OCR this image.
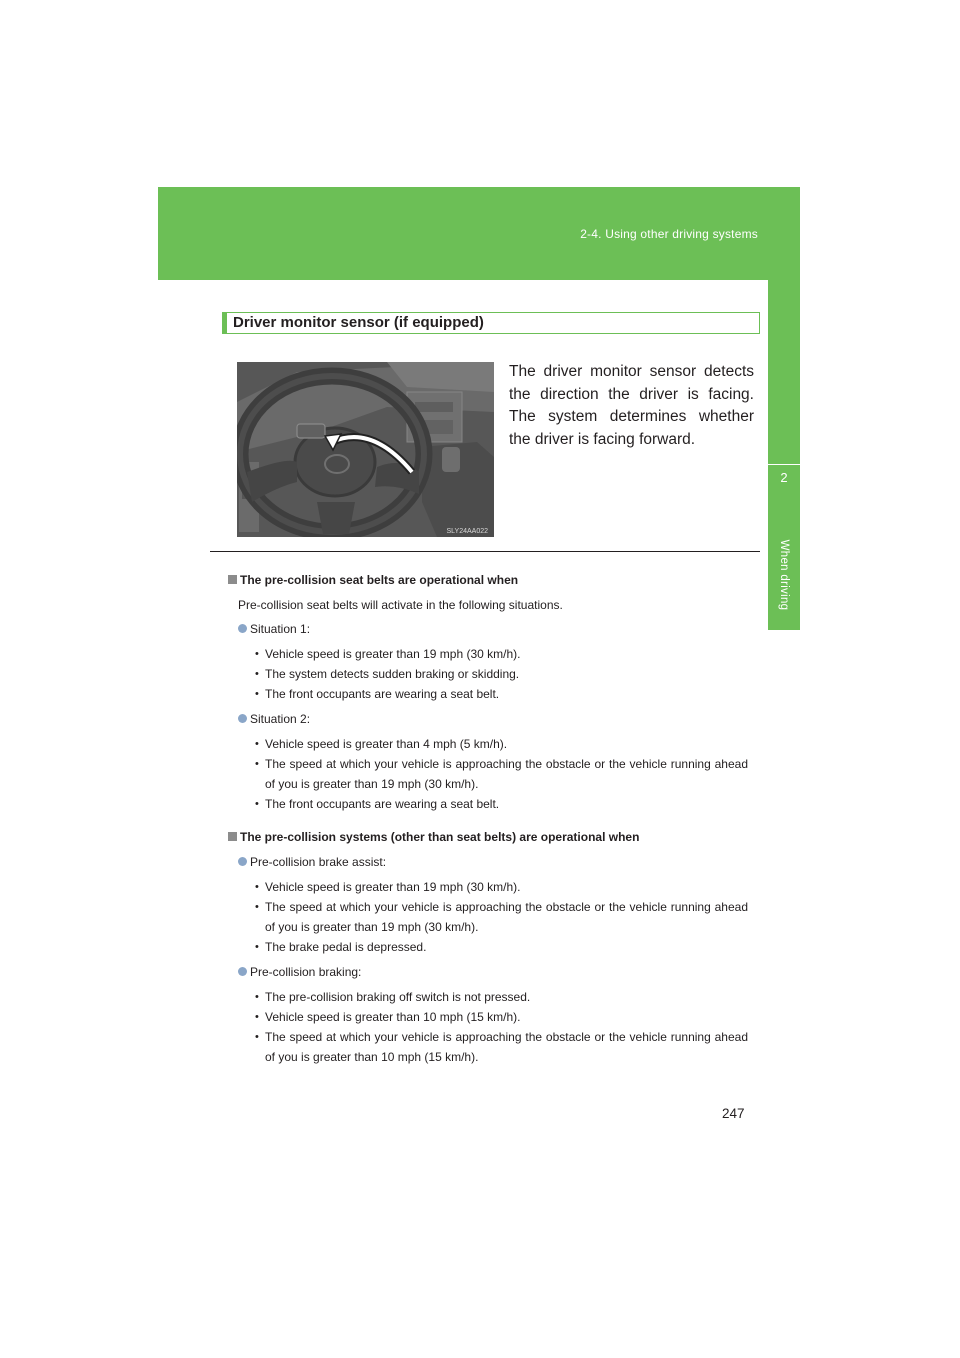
2-4. Using other driving systems
2
When driving
Driver monitor sensor (if equipped)
SLY24AA022
The driver monitor sensor detects the direction the driver is facing. The system determines whether the driver is facing forward.
The pre-collision seat belts are operational when
Pre-collision seat belts will activate in the following situations.
Situation 1:
• Vehicle speed is greater than 19 mph (30 km/h).
• The system detects sudden braking or skidding.
• The front occupants are wearing a seat belt.
Situation 2:
• Vehicle speed is greater than 4 mph (5 km/h).
• The speed at which your vehicle is approaching the obstacle or the vehicle running ahead of you is greater than 19 mph (30 km/h).
• The front occupants are wearing a seat belt.
The pre-collision systems (other than seat belts) are operational when
Pre-collision brake assist:
• Vehicle speed is greater than 19 mph (30 km/h).
• The speed at which your vehicle is approaching the obstacle or the vehicle running ahead of you is greater than 19 mph (30 km/h).
• The brake pedal is depressed.
Pre-collision braking:
• The pre-collision braking off switch is not pressed.
• Vehicle speed is greater than 10 mph (15 km/h).
• The speed at which your vehicle is approaching the obstacle or the vehicle running ahead of you is greater than 10 mph (15 km/h).
247
